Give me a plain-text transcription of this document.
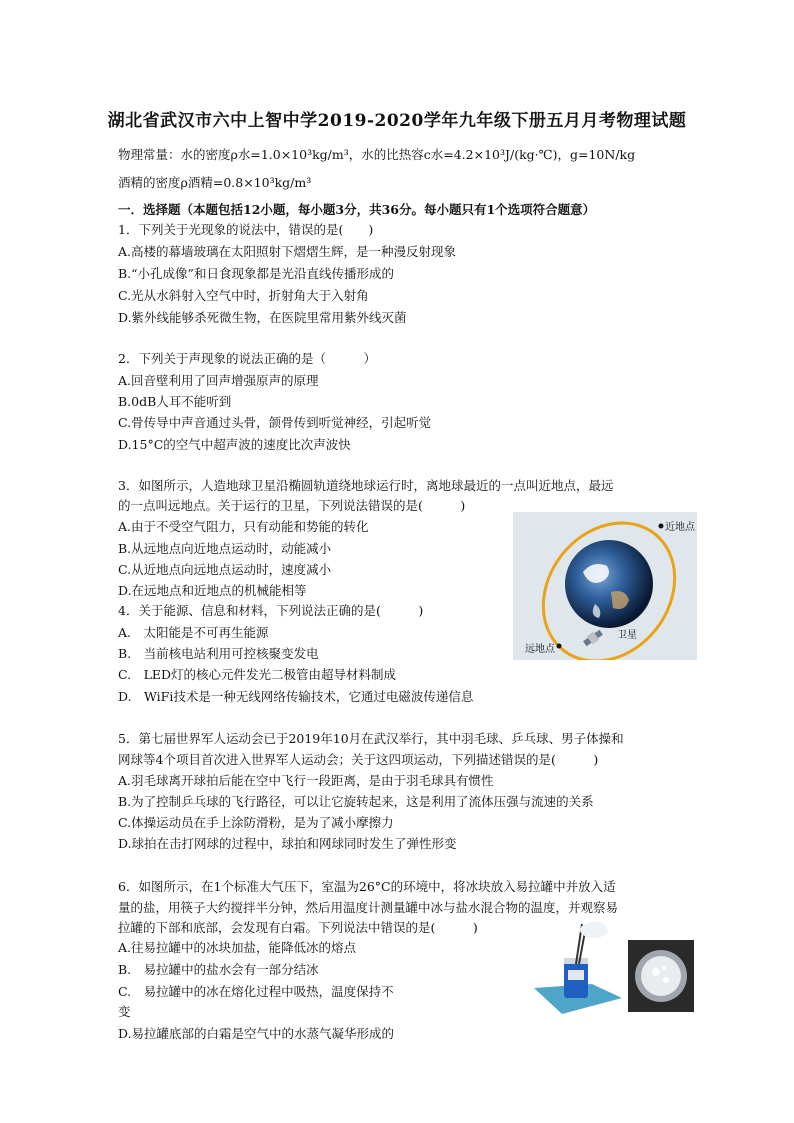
湖北省武汉市六中上智中学2019-2020学年九年级下册五月月考物理试题
物理常量：水的密度ρ水=1.0×10³kg/m³，水的比热容c水=4.2×10³J/(kg·℃)，g=10N/kg
酒精的密度ρ酒精=0.8×10³kg/m³
一．选择题（本题包括12小题，每小题3分，共36分。每小题只有1个选项符合题意）
1．下列关于光现象的说法中，错误的是(　　)
A.高楼的幕墙玻璃在太阳照射下熠熠生辉，是一种漫反射现象
B.“小孔成像”和日食现象都是光沿直线传播形成的
C.光从水斜射入空气中时，折射角大于入射角
D.紫外线能够杀死微生物，在医院里常用紫外线灭菌
2．下列关于声现象的说法正确的是（　　　）
A.回音壁利用了回声增强原声的原理
B.0dB人耳不能听到
C.骨传导中声音通过头骨，颌骨传到听觉神经，引起听觉
D.15°C的空气中超声波的速度比次声波快
3．如图所示，人造地球卫星沿椭圆轨道绕地球运行时，离地球最近的一点叫近地点，最远
的一点叫远地点。关于运行的卫星，下列说法错误的是(　　　)
A.由于不受空气阻力，只有动能和势能的转化
B.从远地点向近地点运动时，动能减小
C.从近地点向远地点运动时，速度减小
D.在远地点和近地点的机械能相等
4．关于能源、信息和材料，下列说法正确的是(　　　)
A.　太阳能是不可再生能源
B.　当前核电站利用可控核聚变发电
C.　LED灯的核心元件发光二极管由超导材料制成
D.　WiFi技术是一种无线网络传输技术，它通过电磁波传递信息
近地点
远地点
卫星
5．第七届世界军人运动会已于2019年10月在武汉举行，其中羽毛球、乒乓球、男子体操和
网球等4个项目首次进入世界军人运动会；关于这四项运动，下列描述错误的是(　　　)
A.羽毛球离开球拍后能在空中飞行一段距离，是由于羽毛球具有惯性
B.为了控制乒乓球的飞行路径，可以让它旋转起来，这是利用了流体压强与流速的关系
C.体操运动员在手上涂防滑粉，是为了减小摩擦力
D.球拍在击打网球的过程中，球拍和网球同时发生了弹性形变
6．如图所示，在1个标准大气压下，室温为26°C的环境中，将冰块放入易拉罐中并放入适
量的盐，用筷子大约搅拌半分钟，然后用温度计测量罐中冰与盐水混合物的温度，并观察易
拉罐的下部和底部，会发现有白霜。下列说法中错误的是(　　　)
A.往易拉罐中的冰块加盐，能降低冰的熔点
B.　易拉罐中的盐水会有一部分结冰
C.　易拉罐中的冰在熔化过程中吸热，温度保持不
变
D.易拉罐底部的白霜是空气中的水蒸气凝华形成的
